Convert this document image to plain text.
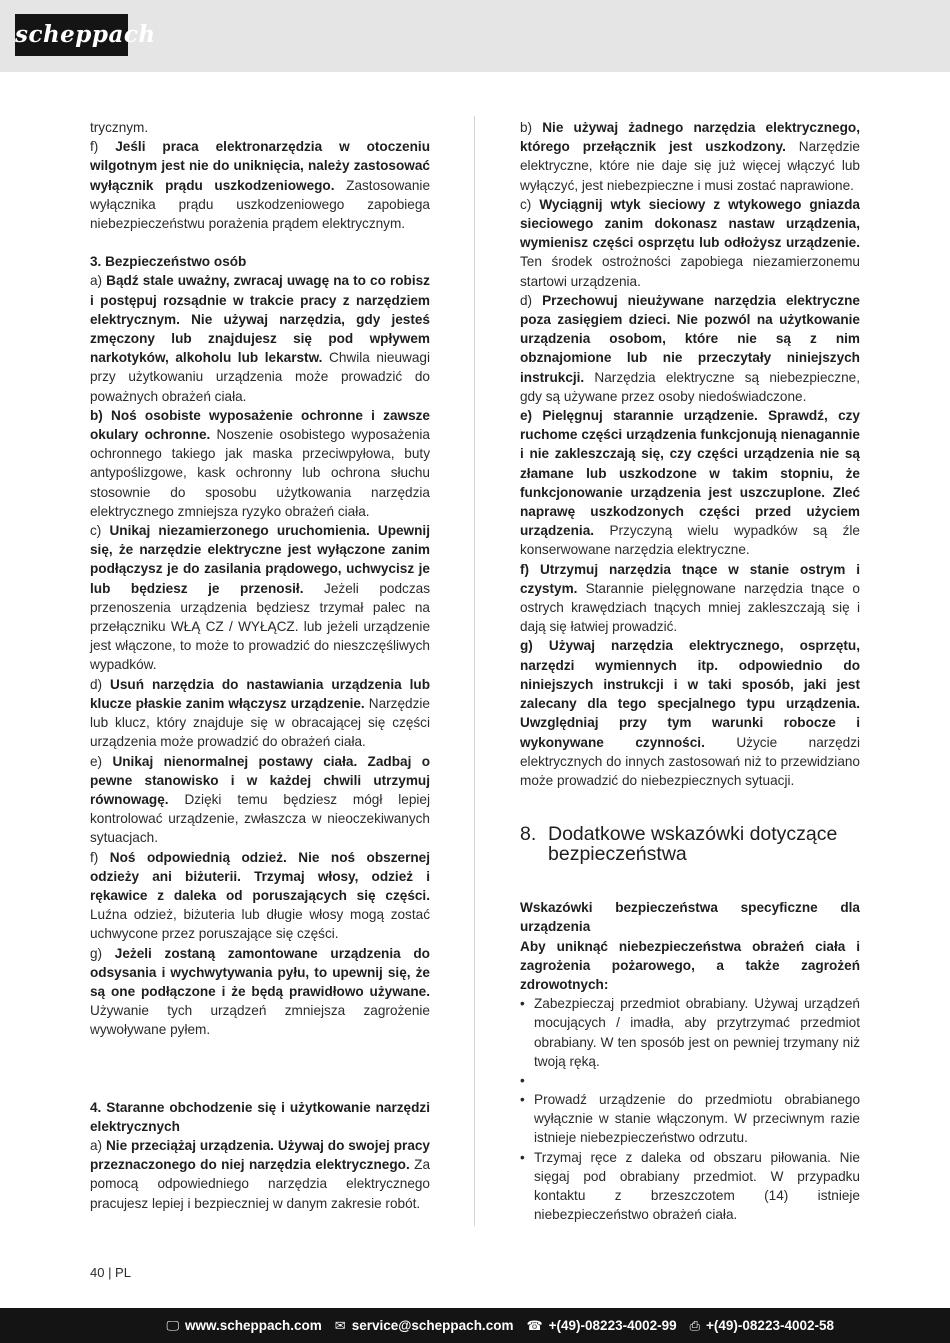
scheppach

trycznym.

f) Jeśli praca elektronarzędzia w otoczeniu wilgotnym jest nie do uniknięcia, należy zastosować wyłącznik prądu uszkodzeniowego. Zastosowanie wyłącznika prądu uszkodzeniowego zapobiega niebezpieczeństwu porażenia prądem elektrycznym.

3. Bezpieczeństwo osób

a) Bądź stale uważny, zwracaj uwagę na to co robisz i postępuj rozsądnie w trakcie pracy z narzędziem elektrycznym. Nie używaj narzędzia, gdy jesteś zmęczony lub znajdujesz się pod wpływem narkotyków, alkoholu lub lekarstw. Chwila nieuwagi przy użytkowaniu urządzenia może prowadzić do poważnych obrażeń ciała.

b) Noś osobiste wyposażenie ochronne i zawsze okulary ochronne. Noszenie osobistego wyposażenia ochronnego takiego jak maska przeciwpyłowa, buty antypoślizgowe, kask ochronny lub ochrona słuchu stosownie do sposobu użytkowania narzędzia elektrycznego zmniejsza ryzyko obrażeń ciała.

c) Unikaj niezamierzonego uruchomienia. Upewnij się, że narzędzie elektryczne jest wyłączone zanim podłączysz je do zasilania prądowego, uchwycisz je lub będziesz je przenosił. Jeżeli podczas przenoszenia urządzenia będziesz trzymał palec na przełączniku WŁĄ CZ / WYŁĄCZ. lub jeżeli urządzenie jest włączone, to może to prowadzić do nieszczęśliwych wypadków.

d) Usuń narzędzia do nastawiania urządzenia lub klucze płaskie zanim włączysz urządzenie. Narzędzie lub klucz, który znajduje się w obracającej się części urządzenia może prowadzić do obrażeń ciała.

e) Unikaj nienormalnej postawy ciała. Zadbaj o pewne stanowisko i w każdej chwili utrzymuj równowagę. Dzięki temu będziesz mógł lepiej kontrolować urządzenie, zwłaszcza w nieoczekiwanych sytuacjach.

f) Noś odpowiednią odzież. Nie noś obszernej odzieży ani biżuterii. Trzymaj włosy, odzież i rękawice z daleka od poruszających się części. Luźna odzież, biżuteria lub długie włosy mogą zostać uchwycone przez poruszające się części.

g) Jeżeli zostaną zamontowane urządzenia do odsysania i wychwytywania pyłu, to upewnij się, że są one podłączone i że będą prawidłowo używane. Używanie tych urządzeń zmniejsza zagrożenie wywoływane pyłem.

4. Staranne obchodzenie się i użytkowanie narzędzi elektrycznych

a) Nie przeciążaj urządzenia. Używaj do swojej pracy przeznaczonego do niej narzędzia elektrycznego. Za pomocą odpowiedniego narzędzia elektrycznego pracujesz lepiej i bezpieczniej w danym zakresie robót.

b) Nie używaj żadnego narzędzia elektrycznego, którego przełącznik jest uszkodzony. Narzędzie elektryczne, które nie daje się już więcej włączyć lub wyłączyć, jest niebezpieczne i musi zostać naprawione.

c) Wyciągnij wtyk sieciowy z wtykowego gniazda sieciowego zanim dokonasz nastaw urządzenia, wymienisz części osprzętu lub odłożysz urządzenie. Ten środek ostrożności zapobiega niezamierzonemu startowi urządzenia.

d) Przechowuj nieużywane narzędzia elektryczne poza zasięgiem dzieci. Nie pozwól na użytkowanie urządzenia osobom, które nie są z nim obznajomione lub nie przeczytały niniejszych instrukcji. Narzędzia elektryczne są niebezpieczne, gdy są używane przez osoby niedoświadczone.

e) Pielęgnuj starannie urządzenie. Sprawdź, czy ruchome części urządzenia funkcjonują nienagannie i nie zakleszczają się, czy części urządzenia nie są złamane lub uszkodzone w takim stopniu, że funkcjonowanie urządzenia jest uszczuplone. Zleć naprawę uszkodzonych części przed użyciem urządzenia. Przyczyną wielu wypadków są źle konserwowane narzędzia elektryczne.

f) Utrzymuj narzędzia tnące w stanie ostrym i czystym. Starannie pielęgnowane narzędzia tnące o ostrych krawędziach tnących mniej zakleszczają się i dają się łatwiej prowadzić.

g) Używaj narzędzia elektrycznego, osprzętu, narzędzi wymiennych itp. odpowiednio do niniejszych instrukcji i w taki sposób, jaki jest zalecany dla tego specjalnego typu urządzenia. Uwzględniaj przy tym warunki robocze i wykonywane czynności. Użycie narzędzi elektrycznych do innych zastosowań niż to przewidziano może prowadzić do niebezpiecznych sytuacji.

8. Dodatkowe wskazówki dotyczące bezpieczeństwa

Wskazówki bezpieczeństwa specyficzne dla urządzenia

Aby uniknąć niebezpieczeństwa obrażeń ciała i zagrożenia pożarowego, a także zagrożeń zdrowotnych:

• Zabezpieczaj przedmiot obrabiany. Używaj urządzeń mocujących / imadła, aby przytrzymać przedmiot obrabiany. W ten sposób jest on pewniej trzymany niż twoją ręką.
•
• Prowadź urządzenie do przedmiotu obrabianego wyłącznie w stanie włączonym. W przeciwnym razie istnieje niebezpieczeństwo odrzutu.
• Trzymaj ręce z daleka od obszaru piłowania. Nie sięgaj pod obrabiany przedmiot. W przypadku kontaktu z brzeszczotem (14) istnieje niebezpieczeństwo obrażeń ciała.
40 | PL
🖵 www.scheppach.com ✉ service@scheppach.com ☎ +(49)-08223-4002-99 ⎙ +(49)-08223-4002-58
